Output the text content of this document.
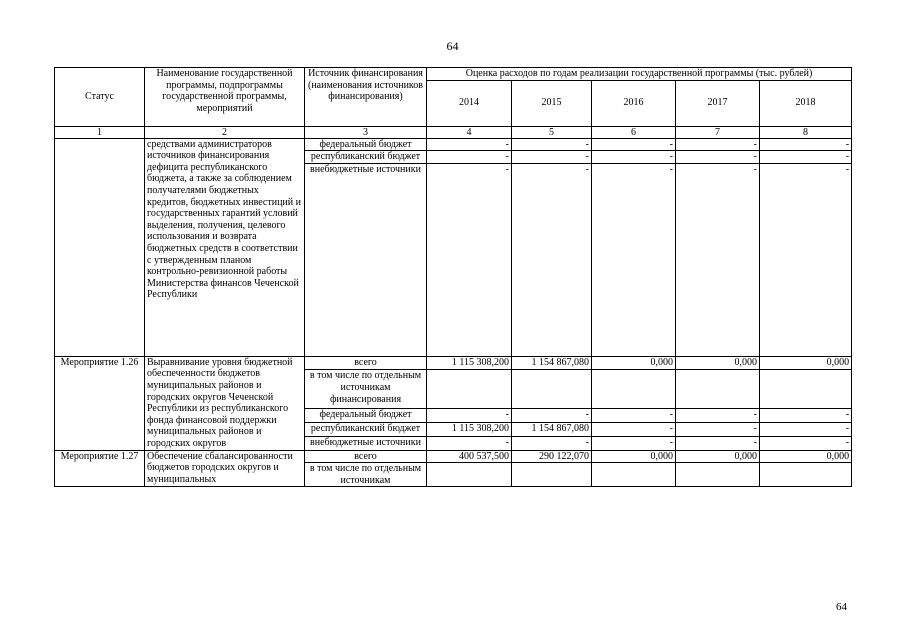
64
Статус	Наименование государственной программы, подпрограммы государственной программы, мероприятий	Источник финансирования (наименования источников финансирования)	Оценка расходов по годам реализации государственной программы (тыс. рублей)				
			2014	2015	2016	2017	2018
1	2	3	4	5	6	7	8
	средствами администраторов источников финансирования дефицита республиканского бюджета, а также за соблюдением получателями бюджетных кредитов, бюджетных инвестиций и государственных гарантий условий выделения, получения, целевого использования и возврата бюджетных средств в соответствии с утвержденным планом контрольно-ревизионной работы Министерства финансов Чеченской Республики	федеральный бюджет	-	-	-	-	-
		республиканский бюджет	-	-	-	-	-
		внебюджетные источники	-	-	-	-	-
Мероприятие 1.26	Выравнивание уровня бюджетной обеспеченности бюджетов муниципальных районов и городских округов Чеченской Республики из республиканского фонда финансовой поддержки муниципальных районов и городских округов	всего	1 115 308,200	1 154 867,080	0,000	0,000	0,000
		в том числе по отдельным источникам финансирования					
		федеральный бюджет	-	-	-	-	-
		республиканский бюджет	1 115 308,200	1 154 867,080	-	-	-
		внебюджетные источники	-	-	-	-	-
Мероприятие 1.27	Обеспечение сбалансированности бюджетов городских округов и муниципальных	всего	400 537,500	290 122,070	0,000	0,000	0,000
		в том числе по отдельным источникам					
64
